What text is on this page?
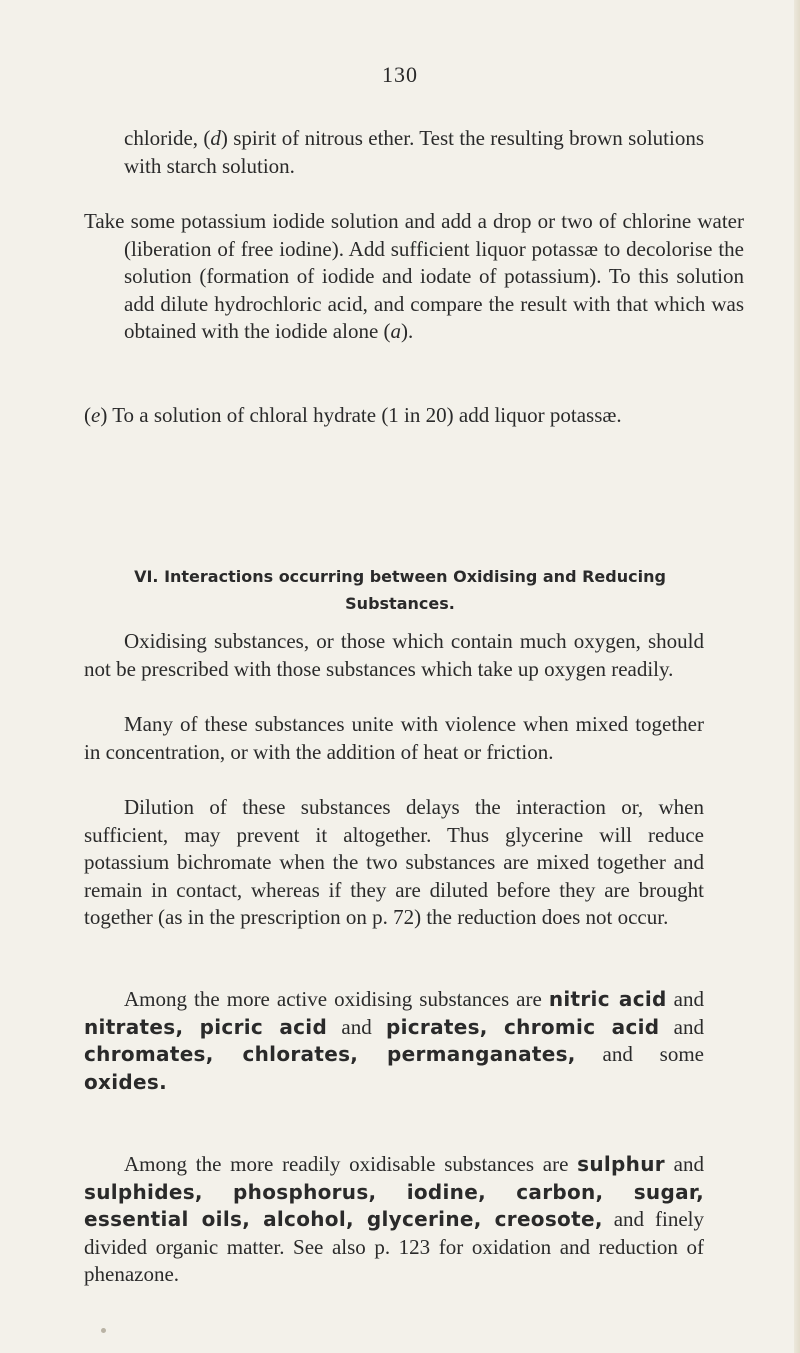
130
chloride, (d) spirit of nitrous ether. Test the resulting brown solutions with starch solution.
Take some potassium iodide solution and add a drop or two of chlorine water (liberation of free iodine). Add sufficient liquor potassæ to decolorise the solution (formation of iodide and iodate of potassium). To this solution add dilute hydrochloric acid, and compare the result with that which was obtained with the iodide alone (a).
(e) To a solution of chloral hydrate (1 in 20) add liquor potassæ.
VI. Interactions occurring between Oxidising and Reducing
Substances.
Oxidising substances, or those which contain much oxygen, should not be prescribed with those substances which take up oxygen readily.
Many of these substances unite with violence when mixed together in concentration, or with the addition of heat or friction.
Dilution of these substances delays the interaction or, when sufficient, may prevent it altogether. Thus glycerine will reduce potassium bichromate when the two substances are mixed together and remain in contact, whereas if they are diluted before they are brought together (as in the prescription on p. 72) the reduction does not occur.
Among the more active oxidising substances are nitric acid and nitrates, picric acid and picrates, chromic acid and chromates, chlorates, permanganates, and some oxides.
Among the more readily oxidisable substances are sulphur and sulphides, phosphorus, iodine, carbon, sugar, essential oils, alcohol, glycerine, creosote, and finely divided organic matter. See also p. 123 for oxidation and reduction of phenazone.
